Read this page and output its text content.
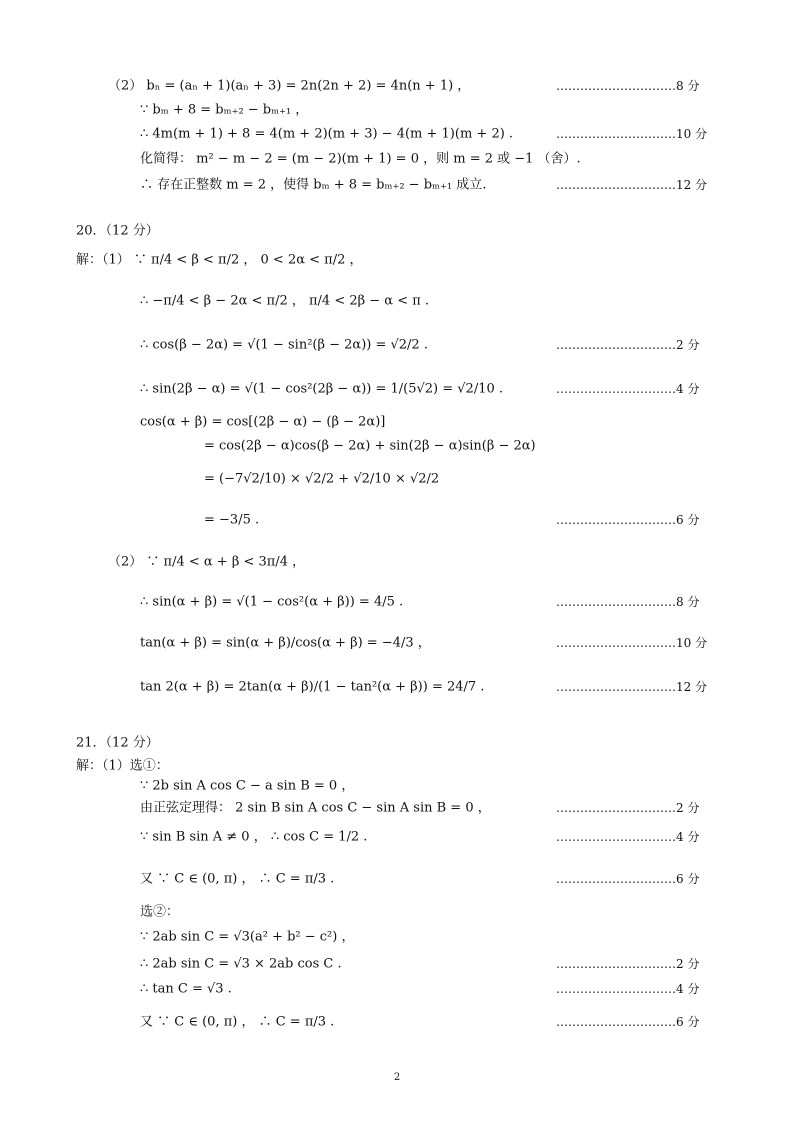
（2） bₙ = (aₙ + 1)(aₙ + 3) = 2n(2n + 2) = 4n(n + 1) ，	…………………………8 分
∵ bₘ + 8 = bₘ₊₂ − bₘ₊₁ ，
∴ 4m(m + 1) + 8 = 4(m + 2)(m + 3) − 4(m + 1)(m + 2) .	…………………………10 分
化简得： m² − m − 2 = (m − 2)(m + 1) = 0 ，则 m = 2 或 −1 （舍）.
∴ 存在正整数 m = 2 ，使得 bₘ + 8 = bₘ₊₂ − bₘ₊₁ 成立.	…………………………12 分
20．（12 分）
解：（1） ∵ π/4 < β < π/2 ， 0 < 2α < π/2 ，
∴ −π/4 < β − 2α < π/2 ， π/4 < 2β − α < π .
∴ cos(β − 2α) = √(1 − sin²(β − 2α)) = √2/2 .	…………………………2 分
∴ sin(2β − α) = √(1 − cos²(2β − α)) = 1/(5√2) = √2/10 .	…………………………4 分
cos(α + β) = cos[(2β − α) − (β − 2α)]
= cos(2β − α)cos(β − 2α) + sin(2β − α)sin(β − 2α)
= (−7√2/10) × √2/2 + √2/10 × √2/2
= −3/5 .	…………………………6 分
（2） ∵ π/4 < α + β < 3π/4 ，
∴ sin(α + β) = √(1 − cos²(α + β)) = 4/5 .	…………………………8 分
tan(α + β) = sin(α + β)/cos(α + β) = −4/3 ，	…………………………10 分
tan 2(α + β) = 2tan(α + β)/(1 − tan²(α + β)) = 24/7 .	…………………………12 分
21．（12 分）
解：（1）选①：
∵ 2b sin A cos C − a sin B = 0 ，
由正弦定理得： 2 sin B sin A cos C − sin A sin B = 0 ，	…………………………2 分
∵ sin B sin A ≠ 0 ， ∴ cos C = 1/2 .	…………………………4 分
又 ∵ C ∈ (0, π) ， ∴ C = π/3 .	…………………………6 分
选②：
∵ 2ab sin C = √3(a² + b² − c²) ，
∴ 2ab sin C = √3 × 2ab cos C .	…………………………2 分
∴ tan C = √3 .	…………………………4 分
又 ∵ C ∈ (0, π) ， ∴ C = π/3 .	…………………………6 分
2
